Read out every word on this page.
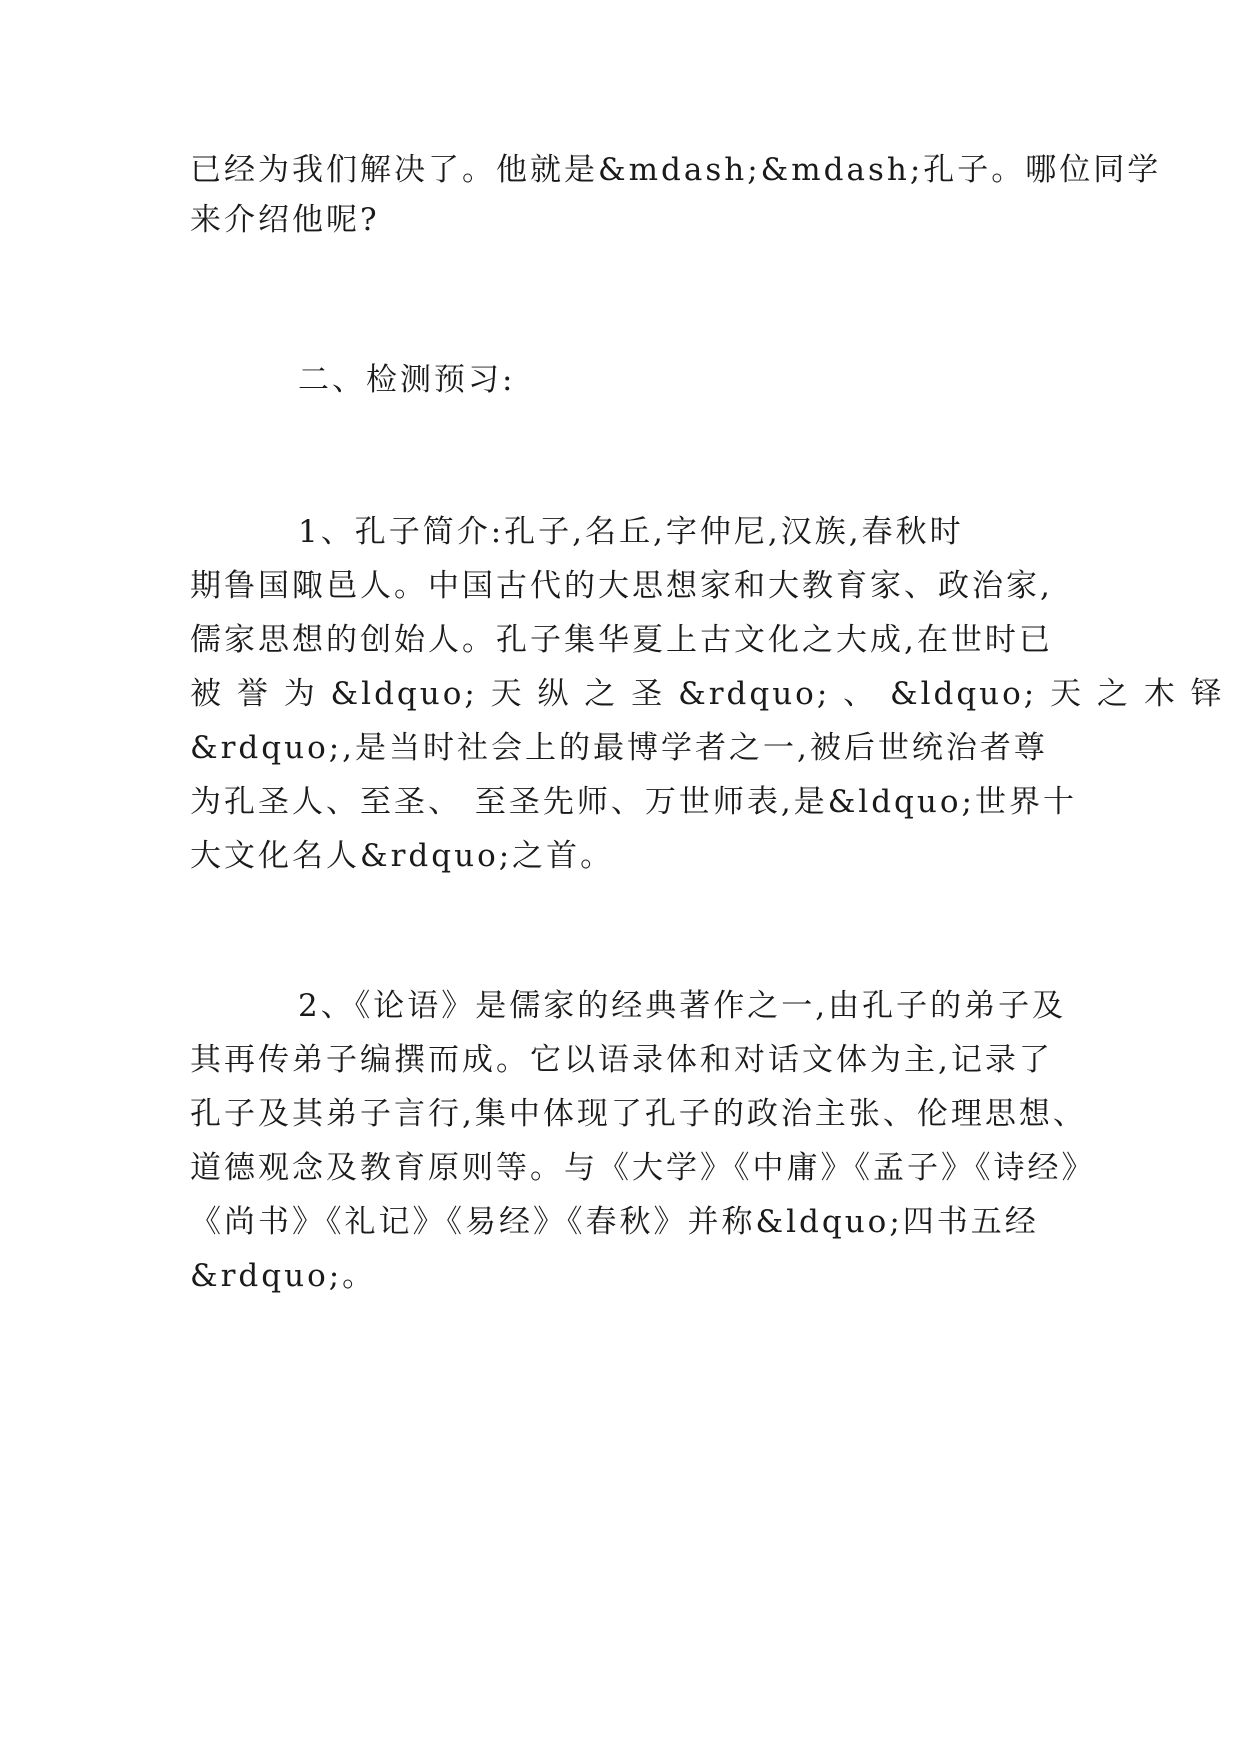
已经为我们解决了。他就是&mdash;&mdash;孔子。哪位同学
来介绍他呢?
二、检测预习:
1、孔子简介:孔子,名丘,字仲尼,汉族,春秋时
期鲁国陬邑人。中国古代的大思想家和大教育家、政治家,
儒家思想的创始人。孔子集华夏上古文化之大成,在世时已
被 誉 为 &ldquo; 天 纵 之 圣 &rdquo; 、 &ldquo; 天 之 木 铎
&rdquo;,是当时社会上的最博学者之一,被后世统治者尊
为孔圣人、至圣、 至圣先师、万世师表,是&ldquo;世界十
大文化名人&rdquo;之首。
2、《论语》是儒家的经典著作之一,由孔子的弟子及
其再传弟子编撰而成。它以语录体和对话文体为主,记录了
孔子及其弟子言行,集中体现了孔子的政治主张、伦理思想、
道德观念及教育原则等。与《大学》《中庸》《孟子》《诗经》
《尚书》《礼记》《易经》《春秋》并称&ldquo;四书五经
&rdquo;。
